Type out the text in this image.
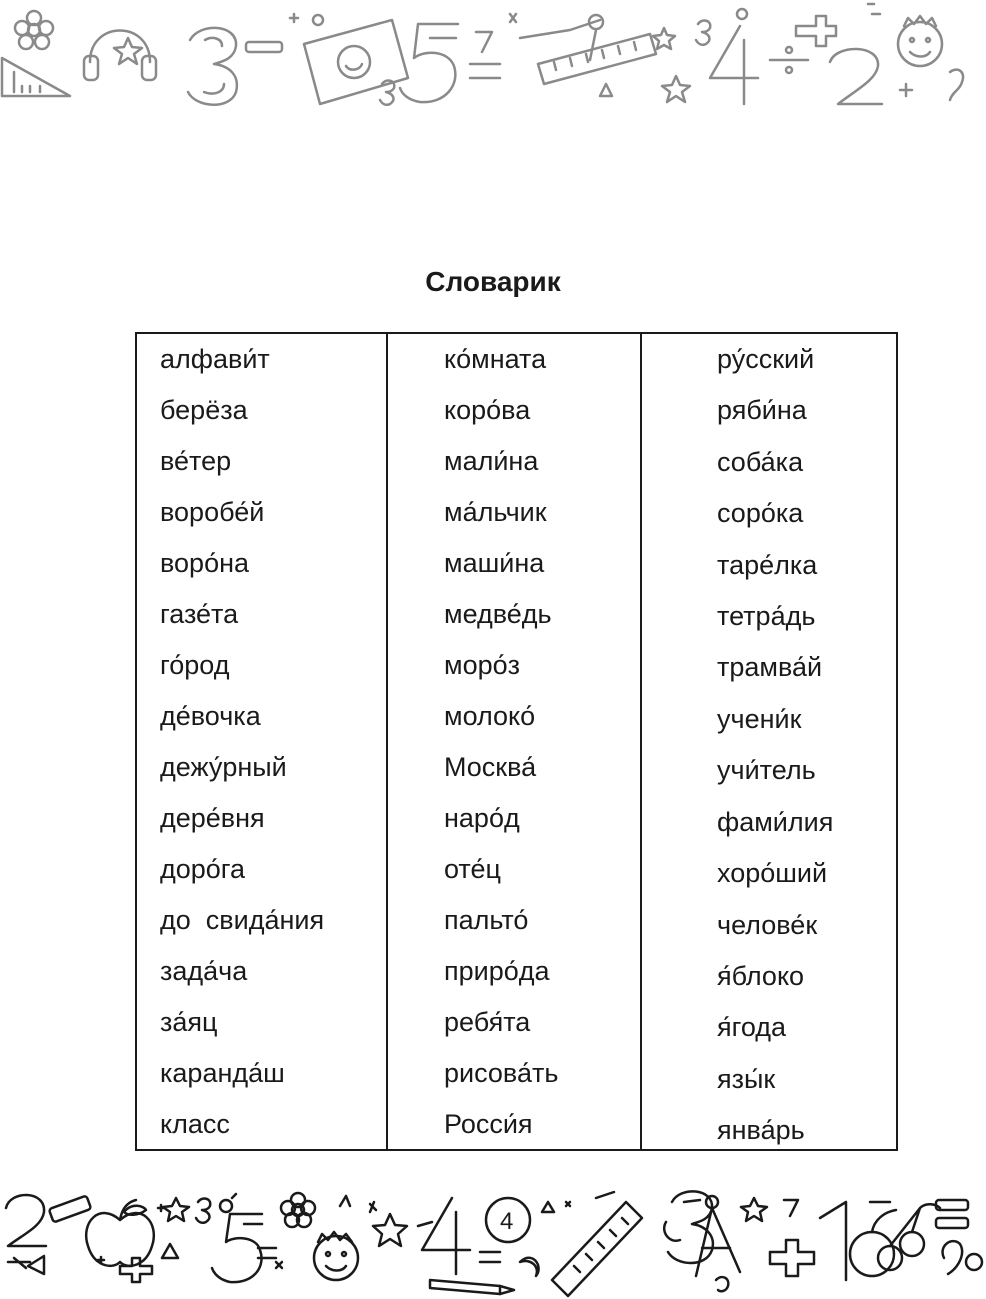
Словарик
алфави́т
берёза
ве́тер
воробе́й
воро́на
газе́та
го́род
де́вочка
дежу́рный
дере́вня
доро́га
до  свида́ния
зада́ча
за́яц
каранда́ш
класс
ко́мната
коро́ва
мали́на
ма́льчик
маши́на
медве́дь
моро́з
молоко́
Москва́
наро́д
оте́ц
пальто́
приро́да
ребя́та
рисова́ть
Росси́я
ру́сский
ряби́на
соба́ка
соро́ка
таре́лка
тетра́дь
трамва́й
учени́к
учи́тель
фами́лия
хоро́ший
челове́к
я́блоко
я́года
язы́к
янва́рь
4
